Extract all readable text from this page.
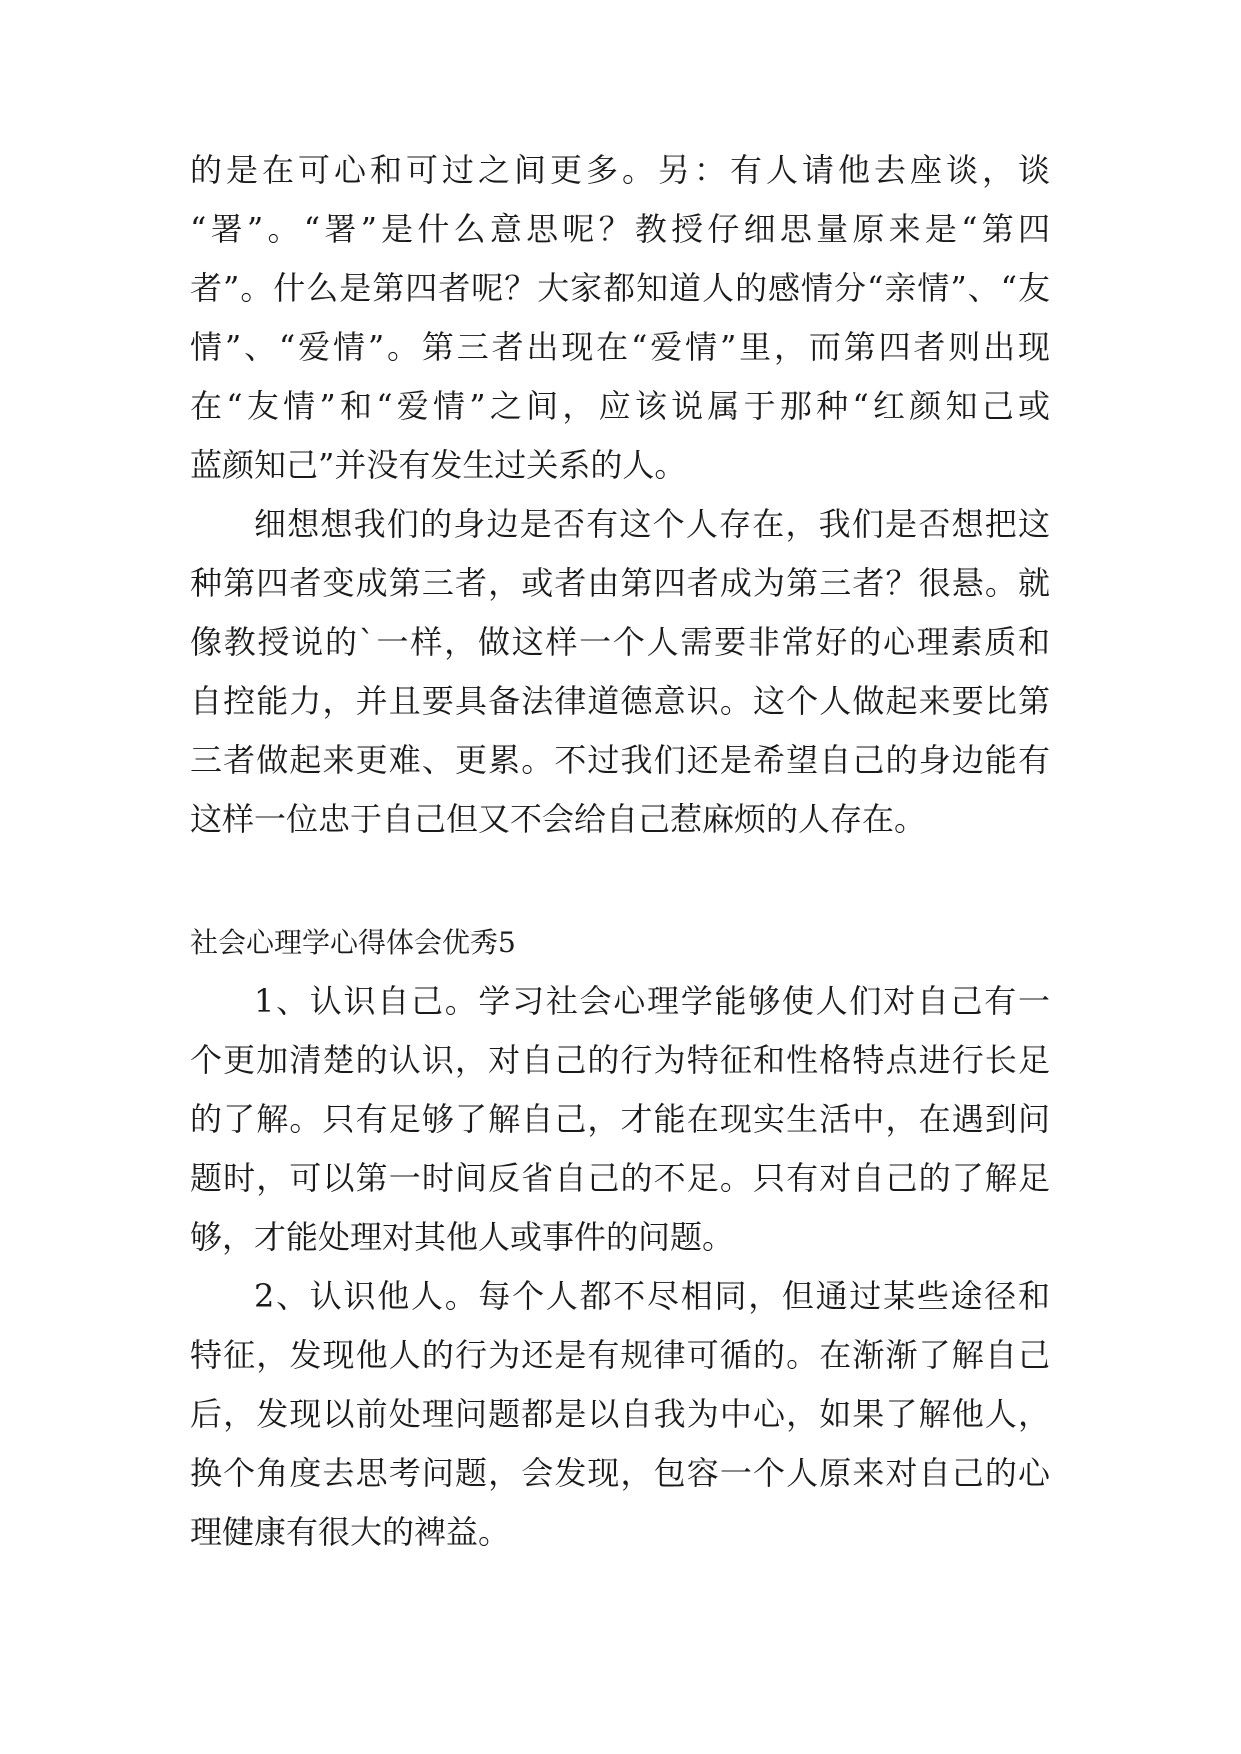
的是在可心和可过之间更多。另：有人请他去座谈，谈
“署”。“署”是什么意思呢？教授仔细思量原来是“第四
者”。什么是第四者呢？大家都知道人的感情分“亲情”、“友
情”、“爱情”。第三者出现在“爱情”里，而第四者则出现
在“友情”和“爱情”之间，应该说属于那种“红颜知己或
蓝颜知己”并没有发生过关系的人。
细想想我们的身边是否有这个人存在，我们是否想把这
种第四者变成第三者，或者由第四者成为第三者？很悬。就
像教授说的`一样，做这样一个人需要非常好的心理素质和
自控能力，并且要具备法律道德意识。这个人做起来要比第
三者做起来更难、更累。不过我们还是希望自己的身边能有
这样一位忠于自己但又不会给自己惹麻烦的人存在。
社会心理学心得体会优秀5
1、认识自己。学习社会心理学能够使人们对自己有一
个更加清楚的认识，对自己的行为特征和性格特点进行长足
的了解。只有足够了解自己，才能在现实生活中，在遇到问
题时，可以第一时间反省自己的不足。只有对自己的了解足
够，才能处理对其他人或事件的问题。
2、认识他人。每个人都不尽相同，但通过某些途径和
特征，发现他人的行为还是有规律可循的。在渐渐了解自己
后，发现以前处理问题都是以自我为中心，如果了解他人，
换个角度去思考问题，会发现，包容一个人原来对自己的心
理健康有很大的裨益。
